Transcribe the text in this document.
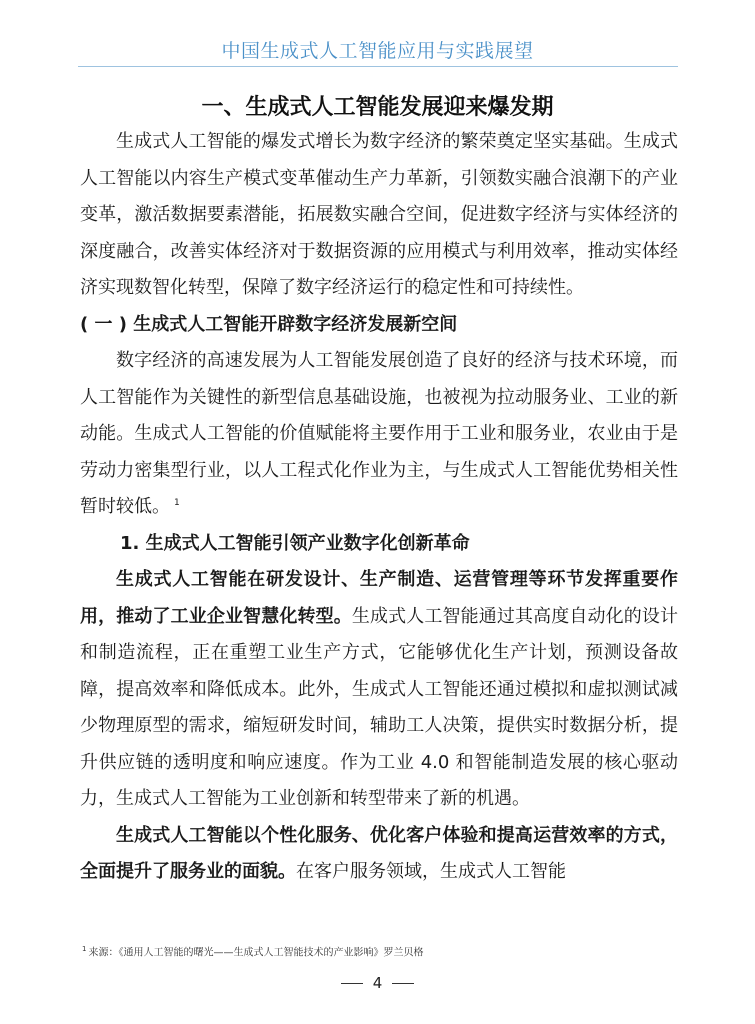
中国生成式人工智能应用与实践展望
一、生成式人工智能发展迎来爆发期

生成式人工智能的爆发式增长为数字经济的繁荣奠定坚实基础。生成式人工智能以内容生产模式变革催动生产力革新，引领数实融合浪潮下的产业变革，激活数据要素潜能，拓展数实融合空间，促进数字经济与实体经济的深度融合，改善实体经济对于数据资源的应用模式与利用效率，推动实体经济实现数智化转型，保障了数字经济运行的稳定性和可持续性。

( 一 ) 生成式人工智能开辟数字经济发展新空间

数字经济的高速发展为人工智能发展创造了良好的经济与技术环境，而人工智能作为关键性的新型信息基础设施，也被视为拉动服务业、工业的新动能。生成式人工智能的价值赋能将主要作用于工业和服务业，农业由于是劳动力密集型行业，以人工程式化作业为主，与生成式人工智能优势相关性暂时较低。 $^1$

1. 生成式人工智能引领产业数字化创新革命

生成式人工智能在研发设计、生产制造、运营管理等环节发挥重要作用，推动了工业企业智慧化转型。生成式人工智能通过其高度自动化的设计和制造流程，正在重塑工业生产方式，它能够优化生产计划，预测设备故障，提高效率和降低成本。此外，生成式人工智能还通过模拟和虚拟测试减少物理原型的需求，缩短研发时间，辅助工人决策，提供实时数据分析，提升供应链的透明度和响应速度。作为工业 4.0 和智能制造发展的核心驱动力，生成式人工智能为工业创新和转型带来了新的机遇。

生成式人工智能以个性化服务、优化客户体验和提高运营效率的方式，全面提升了服务业的面貌。在客户服务领域，生成式人工智能

$^1$ 来源：《通用人工智能的曙光——生成式人工智能技术的产业影响》罗兰贝格
4
